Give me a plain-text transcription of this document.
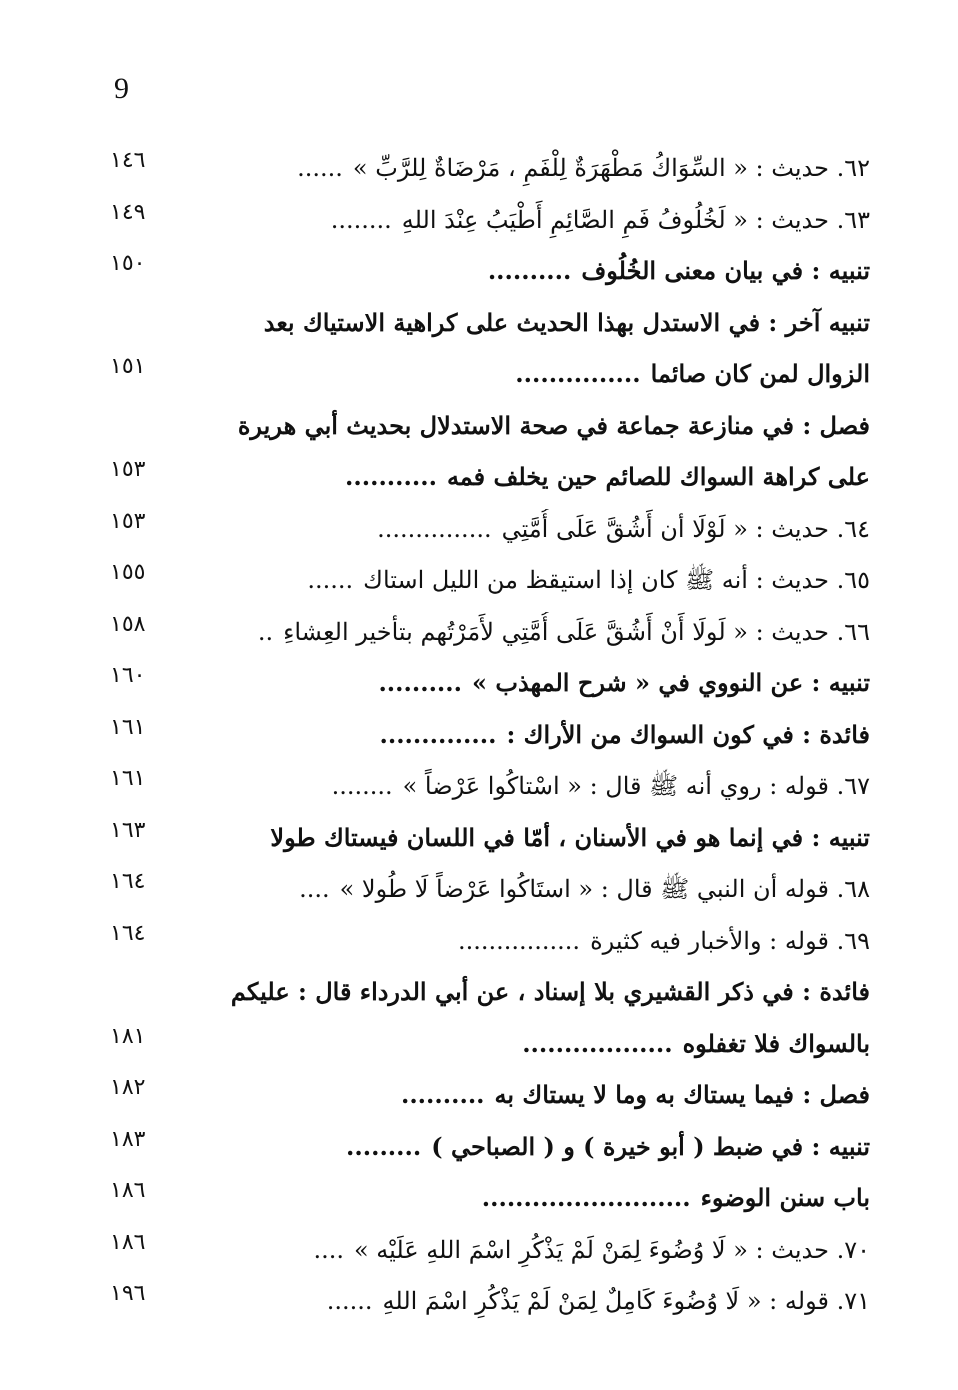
9
٦٢. حديث : « السِّوَاكُ مَطْهَرَةٌ لِلْفَمِ ، مَرْضَاةٌ لِلرَّبِّ »......
١٤٦
٦٣. حديث : « لَخُلُوفُ فَمِ الصَّائِمِ أَطْيَبُ عِنْدَ اللهِ........
١٤٩
تنبيه : في بيان معنى الخُلُوف..........
١٥٠
تنبيه آخر : في الاستدل بهذا الحديث على كراهية الاستياك بعد
الزوال لمن كان صائما...............
١٥١
فصل : في منازعة جماعة في صحة الاستدلال بحديث أبي هريرة
على كراهة السواك للصائم حين يخلف فمه...........
١٥٣
٦٤. حديث : « لَوْلَا أن أَشُقَّ عَلَى أُمَّتِي...............
١٥٣
٦٥. حديث : أنه ﷺ كان إذا استيقظ من الليل استاك......
١٥٥
٦٦. حديث : « لَولَا أَنْ أَشُقَّ عَلَى أُمَّتِي لأَمَرْتُهم بتأخير العِشاءِ..
١٥٨
تنبيه : عن النووي في « شرح المهذب »..........
١٦٠
فائدة : في كون السواك من الأراك :..............
١٦١
٦٧. قوله : روي أنه ﷺ قال : « اسْتاكُوا عَرْضاً »........
١٦١
تنبيه : في إنما هو في الأسنان ، أمّا في اللسان فيستاك طولا
١٦٣
٦٨. قوله أن النبي ﷺ قال : « استَاكُوا عَرْضاً لَا طُولا »....
١٦٤
٦٩. قوله : والأخبار فيه كثيرة................
١٦٤
فائدة : في ذكر القشيري بلا إسناد ، عن أبي الدرداء قال : عليكم
بالسواك فلا تغفلوه..................
١٨١
فصل : فيما يستاك به وما لا يستاك به..........
١٨٢
تنبيه : في ضبط ( أبو خيرة ) و ( الصباحي ).........
١٨٣
باب سنن الوضوء.........................
١٨٦
٧٠. حديث : « لَا وُضُوءَ لِمَنْ لَمْ يَذْكُرِ اسْمَ اللهِ عَلَيْه »....
١٨٦
٧١. قوله : « لَا وُضُوءَ كَامِلٌ لِمَنْ لَمْ يَذْكُرِ اسْمَ اللهِ......
١٩٦
